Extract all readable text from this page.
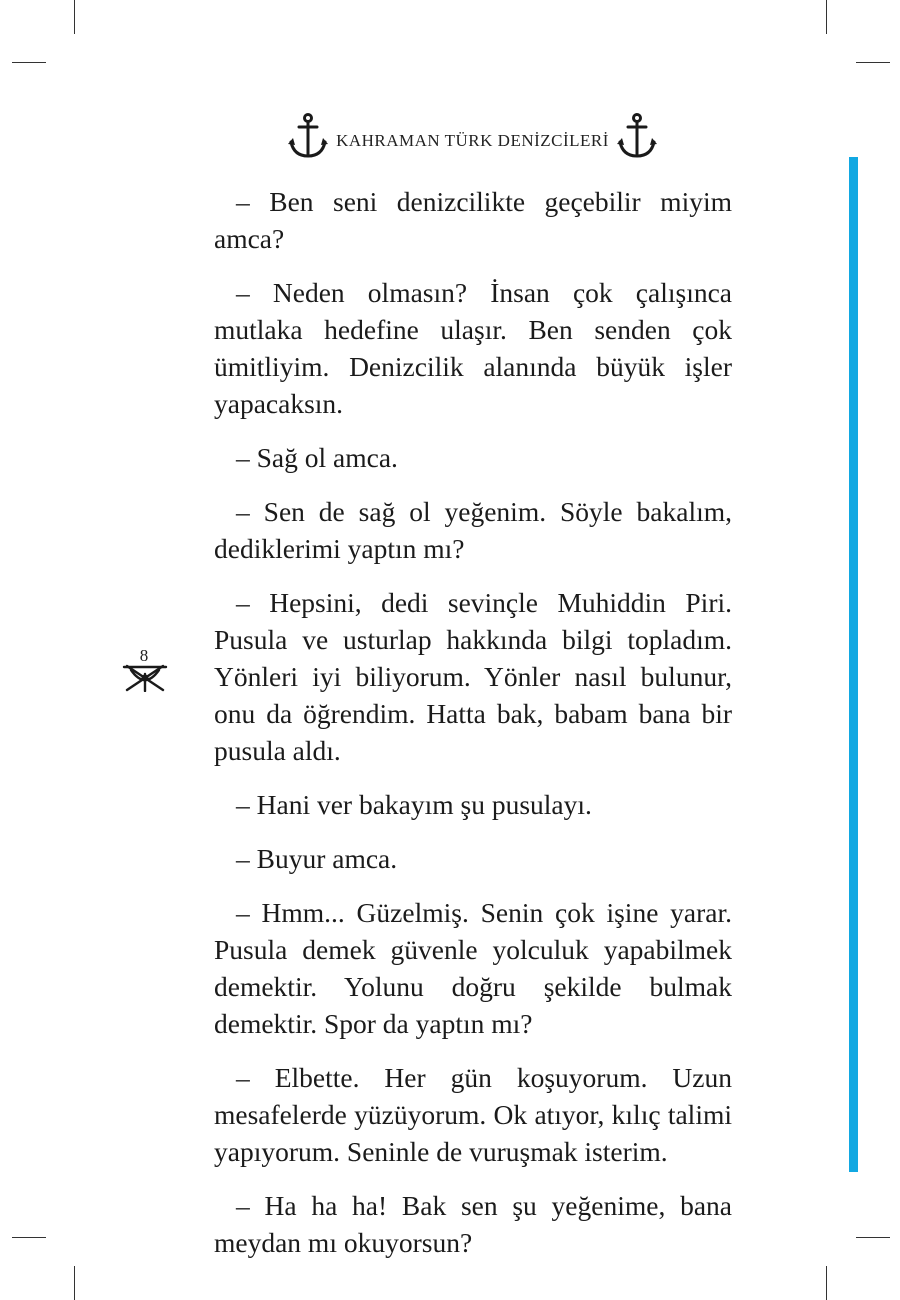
KAHRAMAN TÜRK DENİZCİLERİ
8

– Ben seni denizcilikte geçebilir miyim amca?

– Neden olmasın? İnsan çok çalışınca mutlaka hedefine ulaşır. Ben senden çok ümitliyim. Denizcilik alanında büyük işler yapacaksın.

– Sağ ol amca.

– Sen de sağ ol yeğenim. Söyle bakalım, dediklerimi yaptın mı?

– Hepsini, dedi sevinçle Muhiddin Piri. Pusula ve usturlap hakkında bilgi topladım. Yönleri iyi biliyorum. Yönler nasıl bulunur, onu da öğrendim. Hatta bak, babam bana bir pusula aldı.

– Hani ver bakayım şu pusulayı.

– Buyur amca.

– Hmm... Güzelmiş. Senin çok işine yarar. Pusula demek güvenle yolculuk yapabilmek demektir. Yolunu doğru şekilde bulmak demektir. Spor da yaptın mı?

– Elbette. Her gün koşuyorum. Uzun mesafelerde yüzüyorum. Ok atıyor, kılıç talimi yapıyorum. Seninle de vuruşmak isterim.

– Ha ha ha! Bak sen şu yeğenime, bana meydan mı okuyorsun?
